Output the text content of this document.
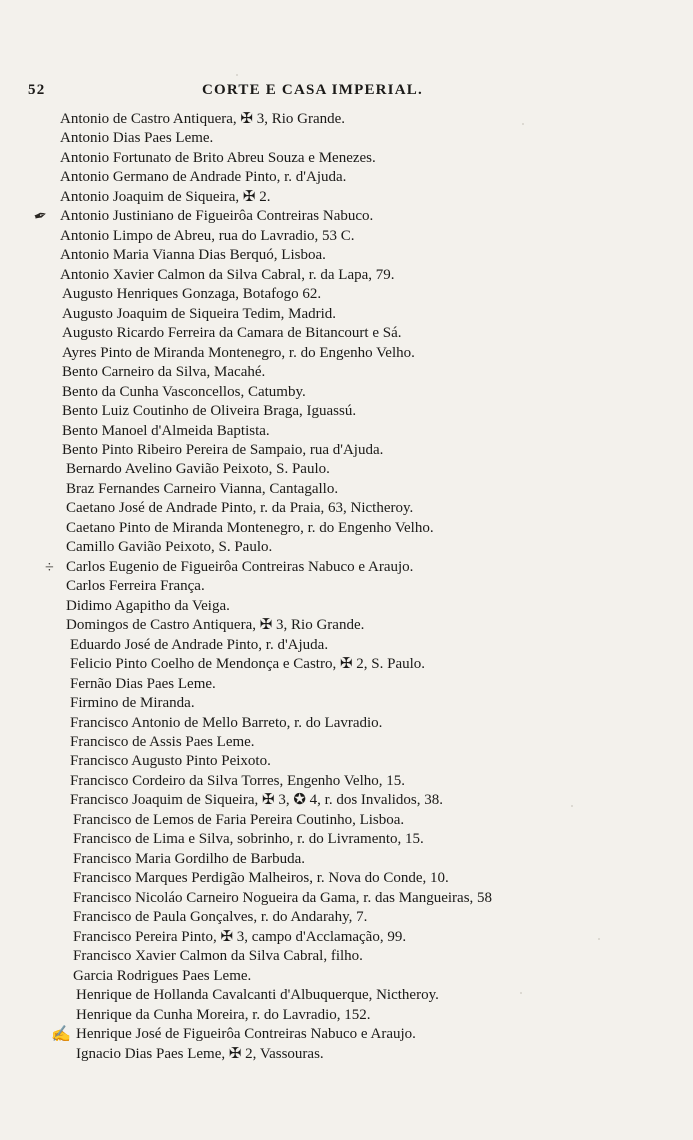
52	CORTE E CASA IMPERIAL.
Antonio de Castro Antiquera, ✠ 3, Rio Grande.
Antonio Dias Paes Leme.
Antonio Fortunato de Brito Abreu Souza e Menezes.
Antonio Germano de Andrade Pinto, r. d'Ajuda.
Antonio Joaquim de Siqueira, ✠ 2.
✒ Antonio Justiniano de Figueirôa Contreiras Nabuco.
Antonio Limpo de Abreu, rua do Lavradio, 53 C.
Antonio Maria Vianna Dias Berquó, Lisboa.
Antonio Xavier Calmon da Silva Cabral, r. da Lapa, 79.
Augusto Henriques Gonzaga, Botafogo 62.
Augusto Joaquim de Siqueira Tedim, Madrid.
Augusto Ricardo Ferreira da Camara de Bitancourt e Sá.
Ayres Pinto de Miranda Montenegro, r. do Engenho Velho.
Bento Carneiro da Silva, Macahé.
Bento da Cunha Vasconcellos, Catumby.
Bento Luiz Coutinho de Oliveira Braga, Iguassú.
Bento Manoel d'Almeida Baptista.
Bento Pinto Ribeiro Pereira de Sampaio, rua d'Ajuda.
Bernardo Avelino Gavião Peixoto, S. Paulo.
Braz Fernandes Carneiro Vianna, Cantagallo.
Caetano José de Andrade Pinto, r. da Praia, 63, Nictheroy.
Caetano Pinto de Miranda Montenegro, r. do Engenho Velho.
Camillo Gavião Peixoto, S. Paulo.
÷ Carlos Eugenio de Figueirôa Contreiras Nabuco e Araujo.
Carlos Ferreira França.
Didimo Agapitho da Veiga.
Domingos de Castro Antiquera, ✠ 3, Rio Grande.
Eduardo José de Andrade Pinto, r. d'Ajuda.
Felicio Pinto Coelho de Mendonça e Castro, ✠ 2, S. Paulo.
Fernão Dias Paes Leme.
Firmino de Miranda.
Francisco Antonio de Mello Barreto, r. do Lavradio.
Francisco de Assis Paes Leme.
Francisco Augusto Pinto Peixoto.
Francisco Cordeiro da Silva Torres, Engenho Velho, 15.
Francisco Joaquim de Siqueira, ✠ 3, ✪ 4, r. dos Invalidos, 38.
Francisco de Lemos de Faria Pereira Coutinho, Lisboa.
Francisco de Lima e Silva, sobrinho, r. do Livramento, 15.
Francisco Maria Gordilho de Barbuda.
Francisco Marques Perdigão Malheiros, r. Nova do Conde, 10.
Francisco Nicoláo Carneiro Nogueira da Gama, r. das Mangueiras, 58
Francisco de Paula Gonçalves, r. do Andarahy, 7.
Francisco Pereira Pinto, ✠ 3, campo d'Acclamação, 99.
Francisco Xavier Calmon da Silva Cabral, filho.
Garcia Rodrigues Paes Leme.
Henrique de Hollanda Cavalcanti d'Albuquerque, Nictheroy.
Henrique da Cunha Moreira, r. do Lavradio, 152.
✍ Henrique José de Figueirôa Contreiras Nabuco e Araujo.
Ignacio Dias Paes Leme, ✠ 2, Vassouras.
